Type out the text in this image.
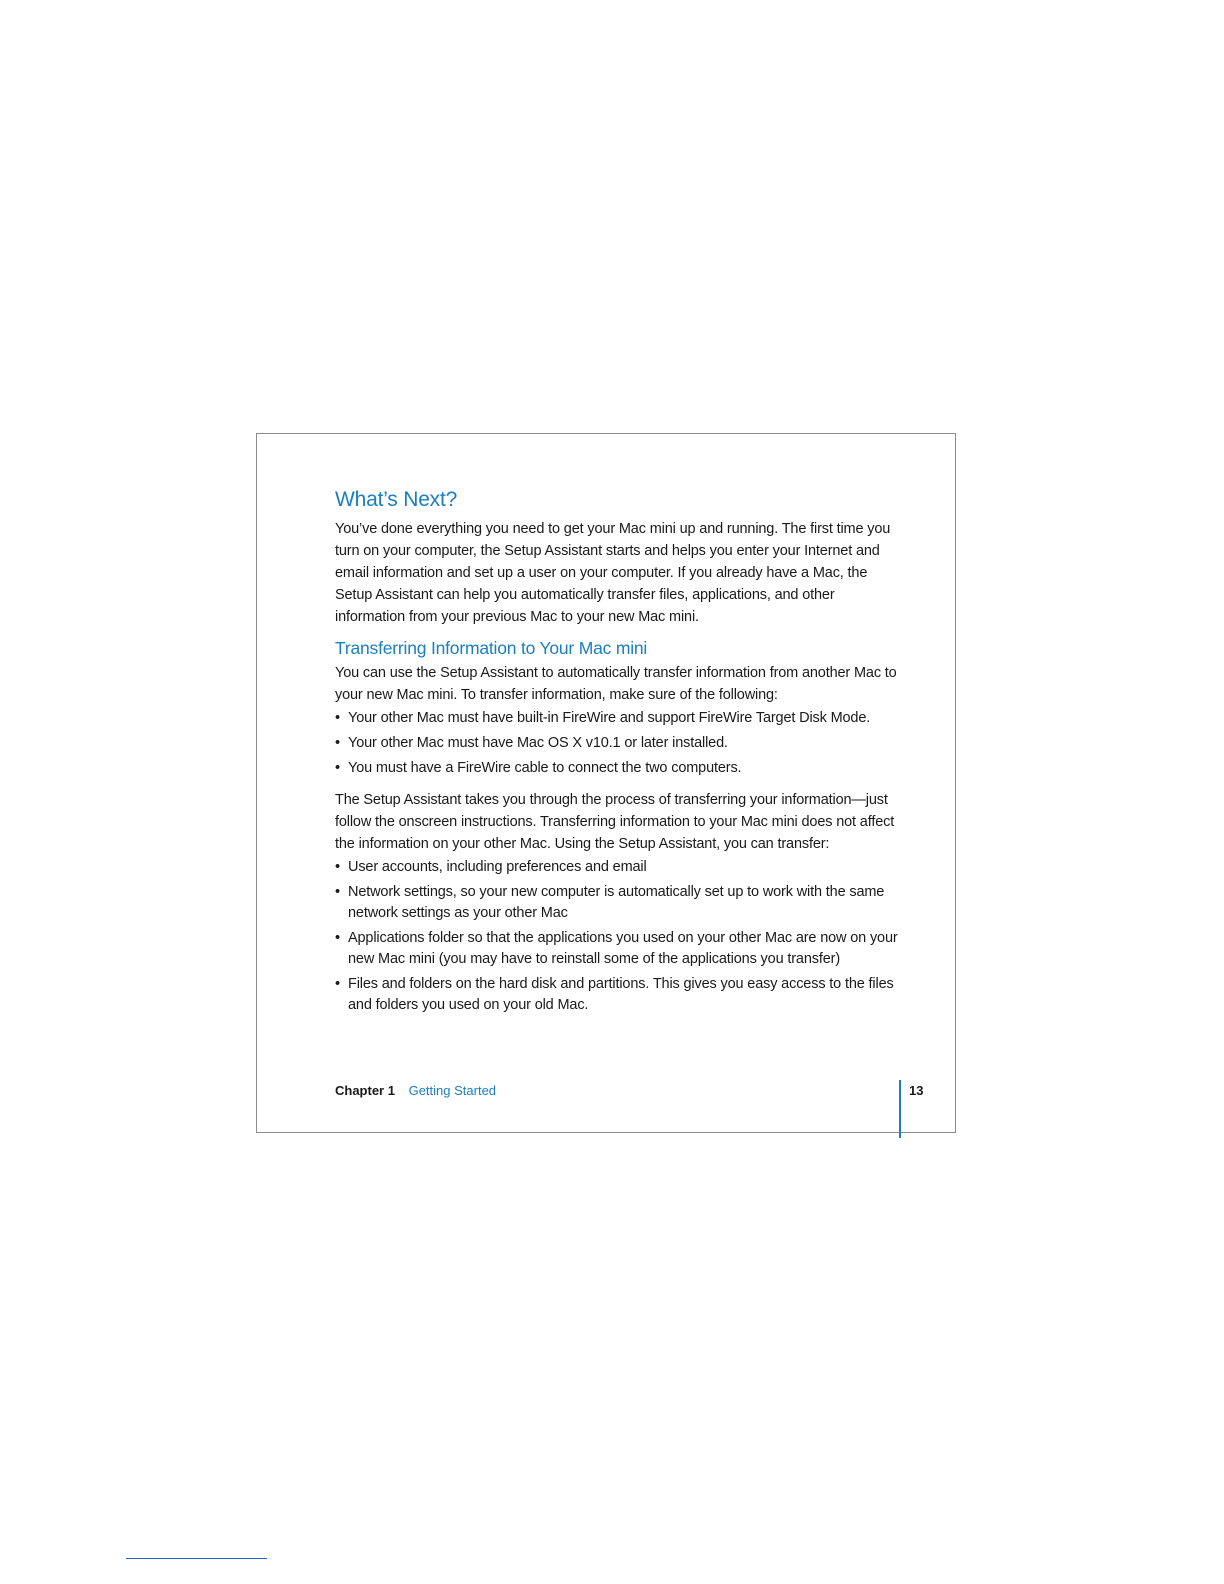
What’s Next?

You’ve done everything you need to get your Mac mini up and running. The first time you turn on your computer, the Setup Assistant starts and helps you enter your Internet and email information and set up a user on your computer. If you already have a Mac, the Setup Assistant can help you automatically transfer files, applications, and other information from your previous Mac to your new Mac mini.

Transferring Information to Your Mac mini

You can use the Setup Assistant to automatically transfer information from another Mac to your new Mac mini. To transfer information, make sure of the following:

• Your other Mac must have built-in FireWire and support FireWire Target Disk Mode.
• Your other Mac must have Mac OS X v10.1 or later installed.
• You must have a FireWire cable to connect the two computers.

The Setup Assistant takes you through the process of transferring your information—just follow the onscreen instructions. Transferring information to your Mac mini does not affect the information on your other Mac. Using the Setup Assistant, you can transfer:

• User accounts, including preferences and email
• Network settings, so your new computer is automatically set up to work with the same network settings as your other Mac
• Applications folder so that the applications you used on your other Mac are now on your new Mac mini (you may have to reinstall some of the applications you transfer)
• Files and folders on the hard disk and partitions. This gives you easy access to the files and folders you used on your old Mac.
Chapter 1 Getting Started	13
